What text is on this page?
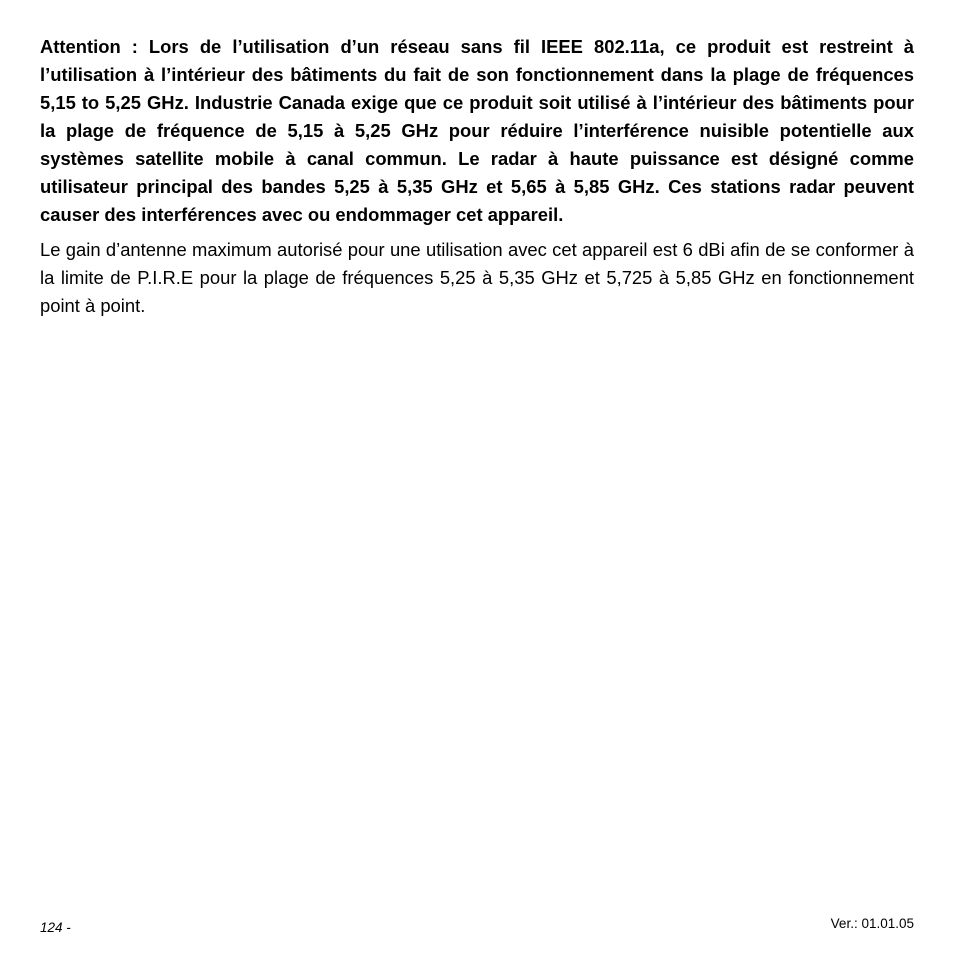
Attention : Lors de l’utilisation d’un réseau sans fil IEEE 802.11a, ce produit est restreint à l’utilisation à l’intérieur des bâtiments du fait de son fonctionnement dans la plage de fréquences 5,15 to 5,25 GHz. Industrie Canada exige que ce produit soit utilisé à l’intérieur des bâtiments pour la plage de fréquence de 5,15 à 5,25 GHz pour réduire l’interférence nuisible potentielle aux systèmes satellite mobile à canal commun. Le radar à haute puissance est désigné comme utilisateur principal des bandes 5,25 à 5,35 GHz et 5,65 à 5,85 GHz. Ces stations radar peuvent causer des interférences avec ou endommager cet appareil.

Le gain d’antenne maximum autorisé pour une utilisation avec cet appareil est 6 dBi afin de se conformer à la limite de P.I.R.E pour la plage de fréquences 5,25 à 5,35 GHz et 5,725 à 5,85 GHz en fonctionnement point à point.

124 -	Ver.: 01.01.05
